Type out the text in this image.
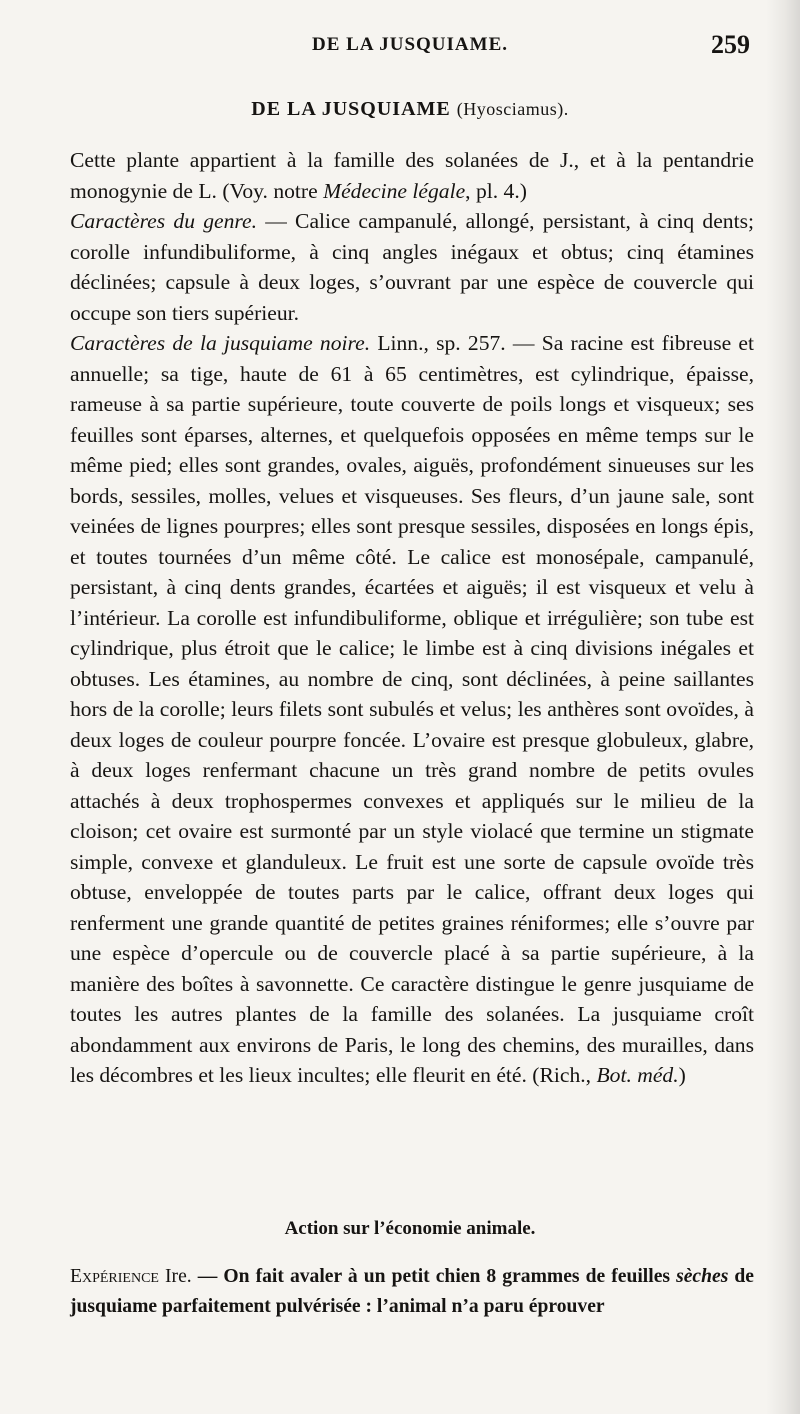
DE LA JUSQUIAME.	259
DE LA JUSQUIAME (Hyosciamus).

Cette plante appartient à la famille des solanées de J., et à la pentandrie monogynie de L. (Voy. notre Médecine légale, pl. 4.)

Caractères du genre. — Calice campanulé, allongé, persistant, à cinq dents; corolle infundibuliforme, à cinq angles inégaux et obtus; cinq étamines déclinées; capsule à deux loges, s’ouvrant par une espèce de couvercle qui occupe son tiers supérieur.

Caractères de la jusquiame noire. Linn., sp. 257. — Sa racine est fibreuse et annuelle; sa tige, haute de 61 à 65 centimètres, est cylindrique, épaisse, rameuse à sa partie supérieure, toute couverte de poils longs et visqueux; ses feuilles sont éparses, alternes, et quelquefois opposées en même temps sur le même pied; elles sont grandes, ovales, aiguës, profondément sinueuses sur les bords, sessiles, molles, velues et visqueuses. Ses fleurs, d’un jaune sale, sont veinées de lignes pourpres; elles sont presque sessiles, disposées en longs épis, et toutes tournées d’un même côté. Le calice est monosépale, campanulé, persistant, à cinq dents grandes, écartées et aiguës; il est visqueux et velu à l’intérieur. La corolle est infundibuliforme, oblique et irrégulière; son tube est cylindrique, plus étroit que le calice; le limbe est à cinq divisions inégales et obtuses. Les étamines, au nombre de cinq, sont déclinées, à peine saillantes hors de la corolle; leurs filets sont subulés et velus; les anthères sont ovoïdes, à deux loges de couleur pourpre foncée. L’ovaire est presque globuleux, glabre, à deux loges renfermant chacune un très grand nombre de petits ovules attachés à deux trophospermes convexes et appliqués sur le milieu de la cloison; cet ovaire est surmonté par un style violacé que termine un stigmate simple, convexe et glanduleux. Le fruit est une sorte de capsule ovoïde très obtuse, enveloppée de toutes parts par le calice, offrant deux loges qui renferment une grande quantité de petites graines réniformes; elle s’ouvre par une espèce d’opercule ou de couvercle placé à sa partie supérieure, à la manière des boîtes à savonnette. Ce caractère distingue le genre jusquiame de toutes les autres plantes de la famille des solanées. La jusquiame croît abondamment aux environs de Paris, le long des chemins, des murailles, dans les décombres et les lieux incultes; elle fleurit en été. (Rich., Bot. méd.)

Action sur l’économie animale.
Expérience Ire. — On fait avaler à un petit chien 8 grammes de feuilles sèches de jusquiame parfaitement pulvérisée : l’animal n’a paru éprouver
